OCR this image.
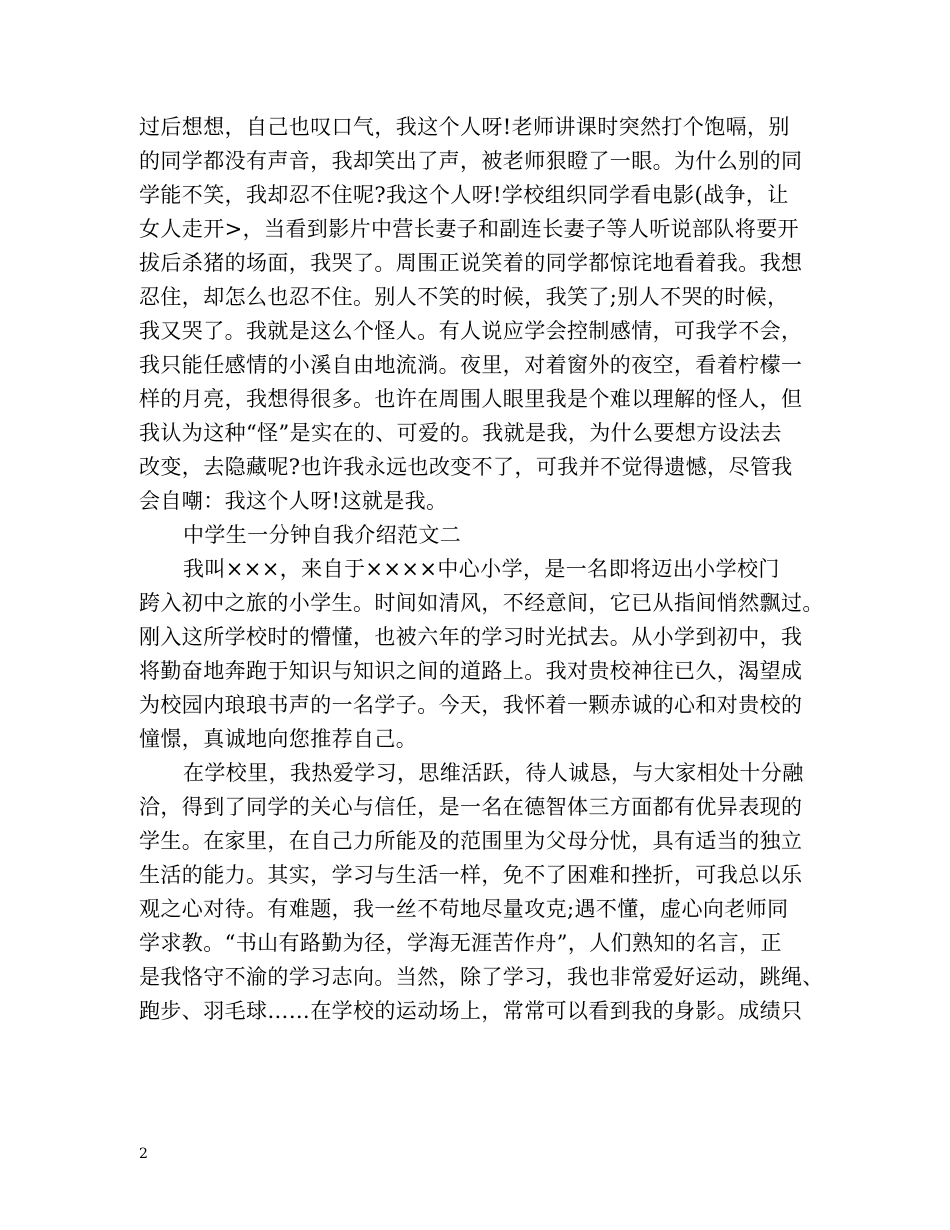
过后想想，自己也叹口气，我这个人呀!老师讲课时突然打个饱嗝，别
的同学都没有声音，我却笑出了声，被老师狠瞪了一眼。为什么别的同
学能不笑，我却忍不住呢?我这个人呀!学校组织同学看电影(战争，让
女人走开>，当看到影片中营长妻子和副连长妻子等人听说部队将要开
拔后杀猪的场面，我哭了。周围正说笑着的同学都惊诧地看着我。我想
忍住，却怎么也忍不住。别人不笑的时候，我笑了;别人不哭的时候，
我又哭了。我就是这么个怪人。有人说应学会控制感情，可我学不会，
我只能任感情的小溪自由地流淌。夜里，对着窗外的夜空，看着柠檬一
样的月亮，我想得很多。也许在周围人眼里我是个难以理解的怪人，但
我认为这种“怪”是实在的、可爱的。我就是我，为什么要想方设法去
改变，去隐藏呢?也许我永远也改变不了，可我并不觉得遗憾，尽管我
会自嘲：我这个人呀!这就是我。
中学生一分钟自我介绍范文二
我叫×××，来自于××××中心小学，是一名即将迈出小学校门
跨入初中之旅的小学生。时间如清风，不经意间，它已从指间悄然飘过。
刚入这所学校时的懵懂，也被六年的学习时光拭去。从小学到初中，我
将勤奋地奔跑于知识与知识之间的道路上。我对贵校神往已久，渴望成
为校园内琅琅书声的一名学子。今天，我怀着一颗赤诚的心和对贵校的
憧憬，真诚地向您推荐自己。
在学校里，我热爱学习，思维活跃，待人诚恳，与大家相处十分融
洽，得到了同学的关心与信任，是一名在德智体三方面都有优异表现的
学生。在家里，在自己力所能及的范围里为父母分忧，具有适当的独立
生活的能力。其实，学习与生活一样，免不了困难和挫折，可我总以乐
观之心对待。有难题，我一丝不苟地尽量攻克;遇不懂，虚心向老师同
学求教。“书山有路勤为径，学海无涯苦作舟”，人们熟知的名言，正
是我恪守不渝的学习志向。当然，除了学习，我也非常爱好运动，跳绳、
跑步、羽毛球……在学校的运动场上，常常可以看到我的身影。成绩只
2
